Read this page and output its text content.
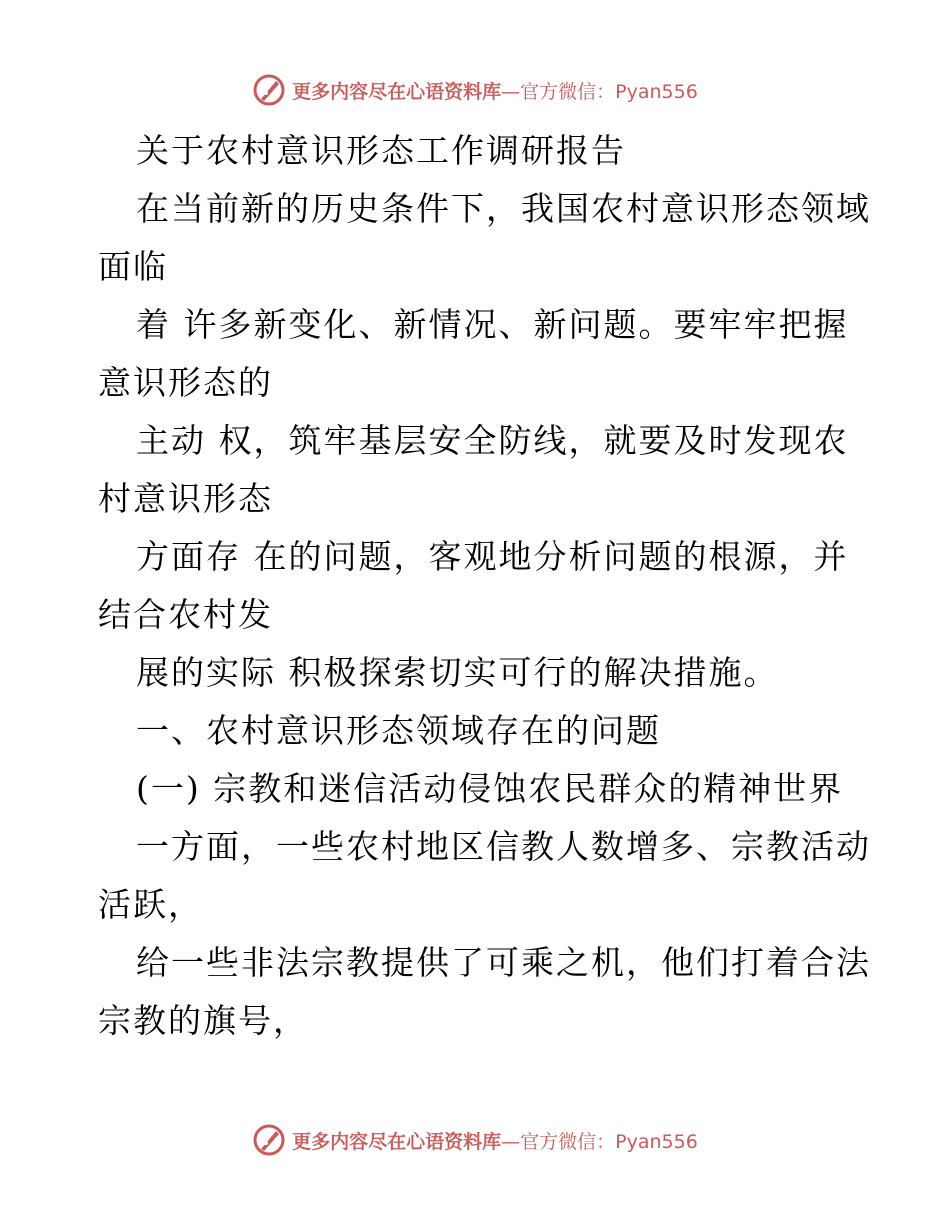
更多内容尽在心语资料库—官方微信：Pyan556

关于农村意识形态工作调研报告

在当前新的历史条件下，我国农村意识形态领域

面临

着 许多新变化、新情况、新问题。要牢牢把握

意识形态的

主动 权，筑牢基层安全防线，就要及时发现农

村意识形态

方面存 在的问题，客观地分析问题的根源，并

结合农村发

展的实际 积极探索切实可行的解决措施。

一、农村意识形态领域存在的问题

(一) 宗教和迷信活动侵蚀农民群众的精神世界

一方面，一些农村地区信教人数增多、宗教活动

活跃，

给一些非法宗教提供了可乘之机，他们打着合法

宗教的旗号，

更多内容尽在心语资料库—官方微信：Pyan556
